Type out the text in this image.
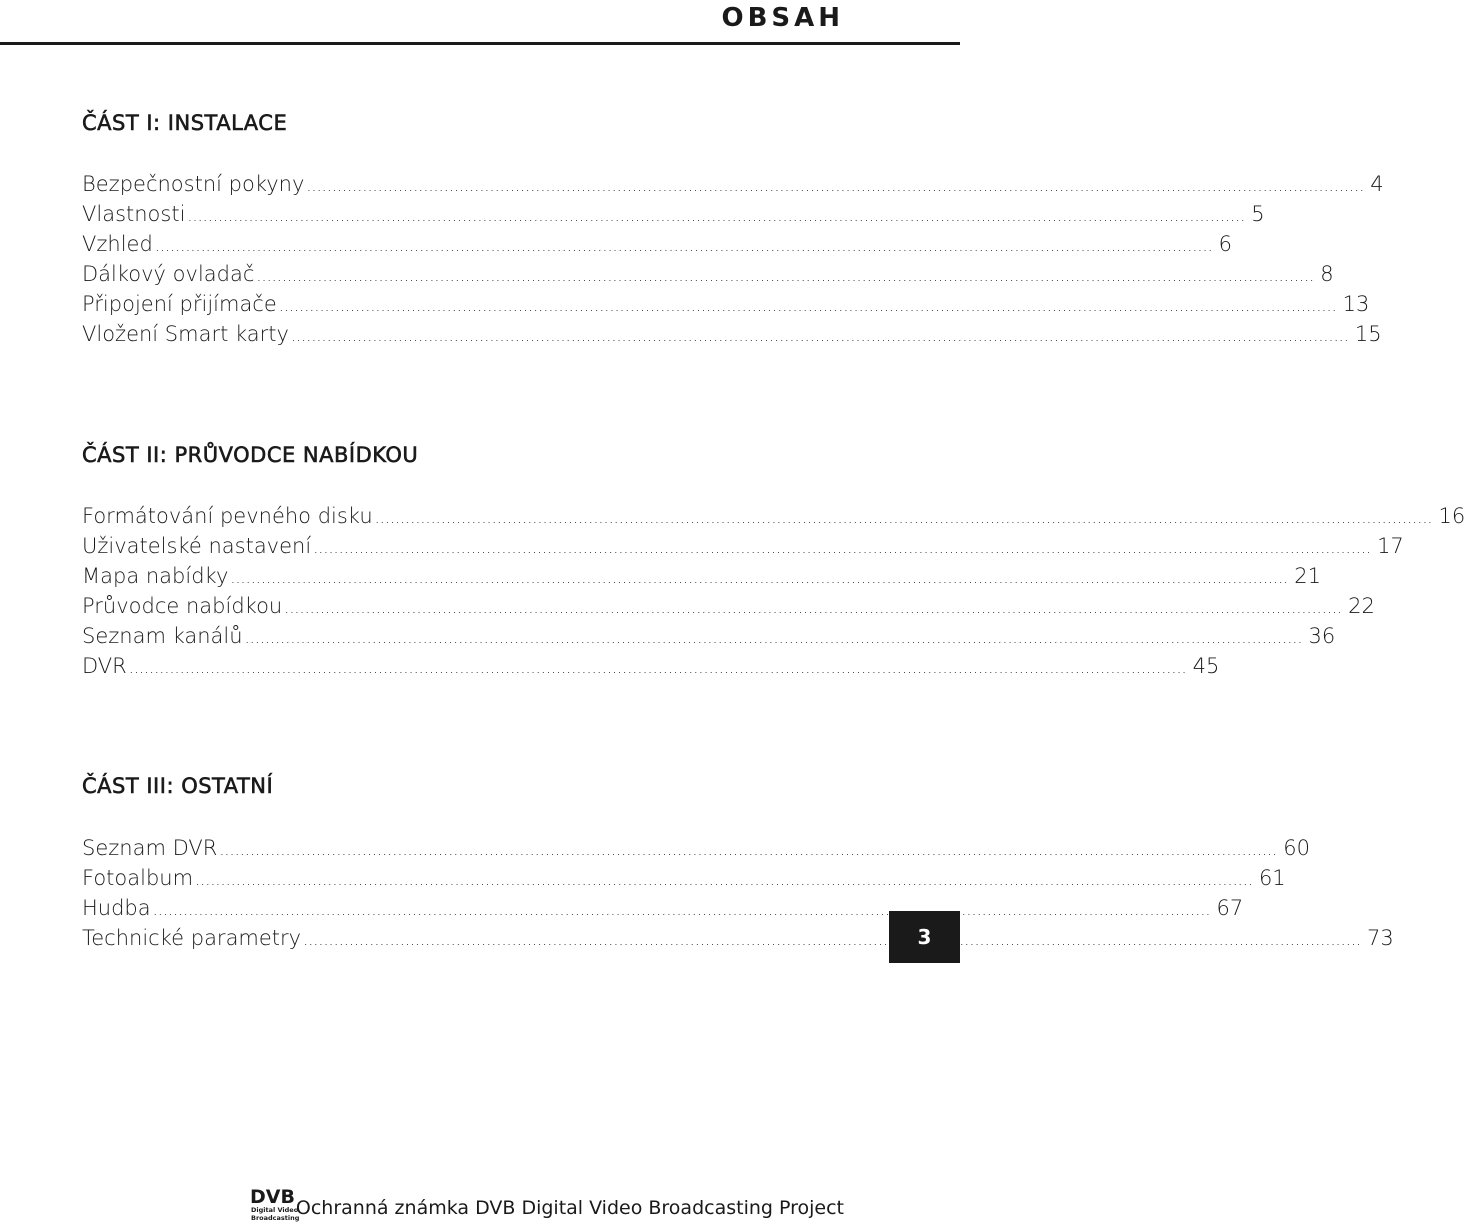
OBSAH
ČÁST I: INSTALACE
Bezpečnostní pokyny .....	4
Vlastnosti .....	5
Vzhled .....	6
Dálkový ovladač .....	8
Připojení přijímače .....	13
Vložení Smart karty .....	15
ČÁST II: PRŮVODCE NABÍDKOU
Formátování pevného disku .....	16
Uživatelské nastavení .....	17
Mapa nabídky .....	21
Průvodce nabídkou .....	22
Seznam kanálů .....	36
DVR .....	45
ČÁST III: OSTATNÍ
Seznam DVR .....	60
Fotoalbum .....	61
Hudba .....	67
Technické parametry .....	73
3
DVB
Digital Video
Broadcasting
Ochranná známka DVB Digital Video Broadcasting Project
